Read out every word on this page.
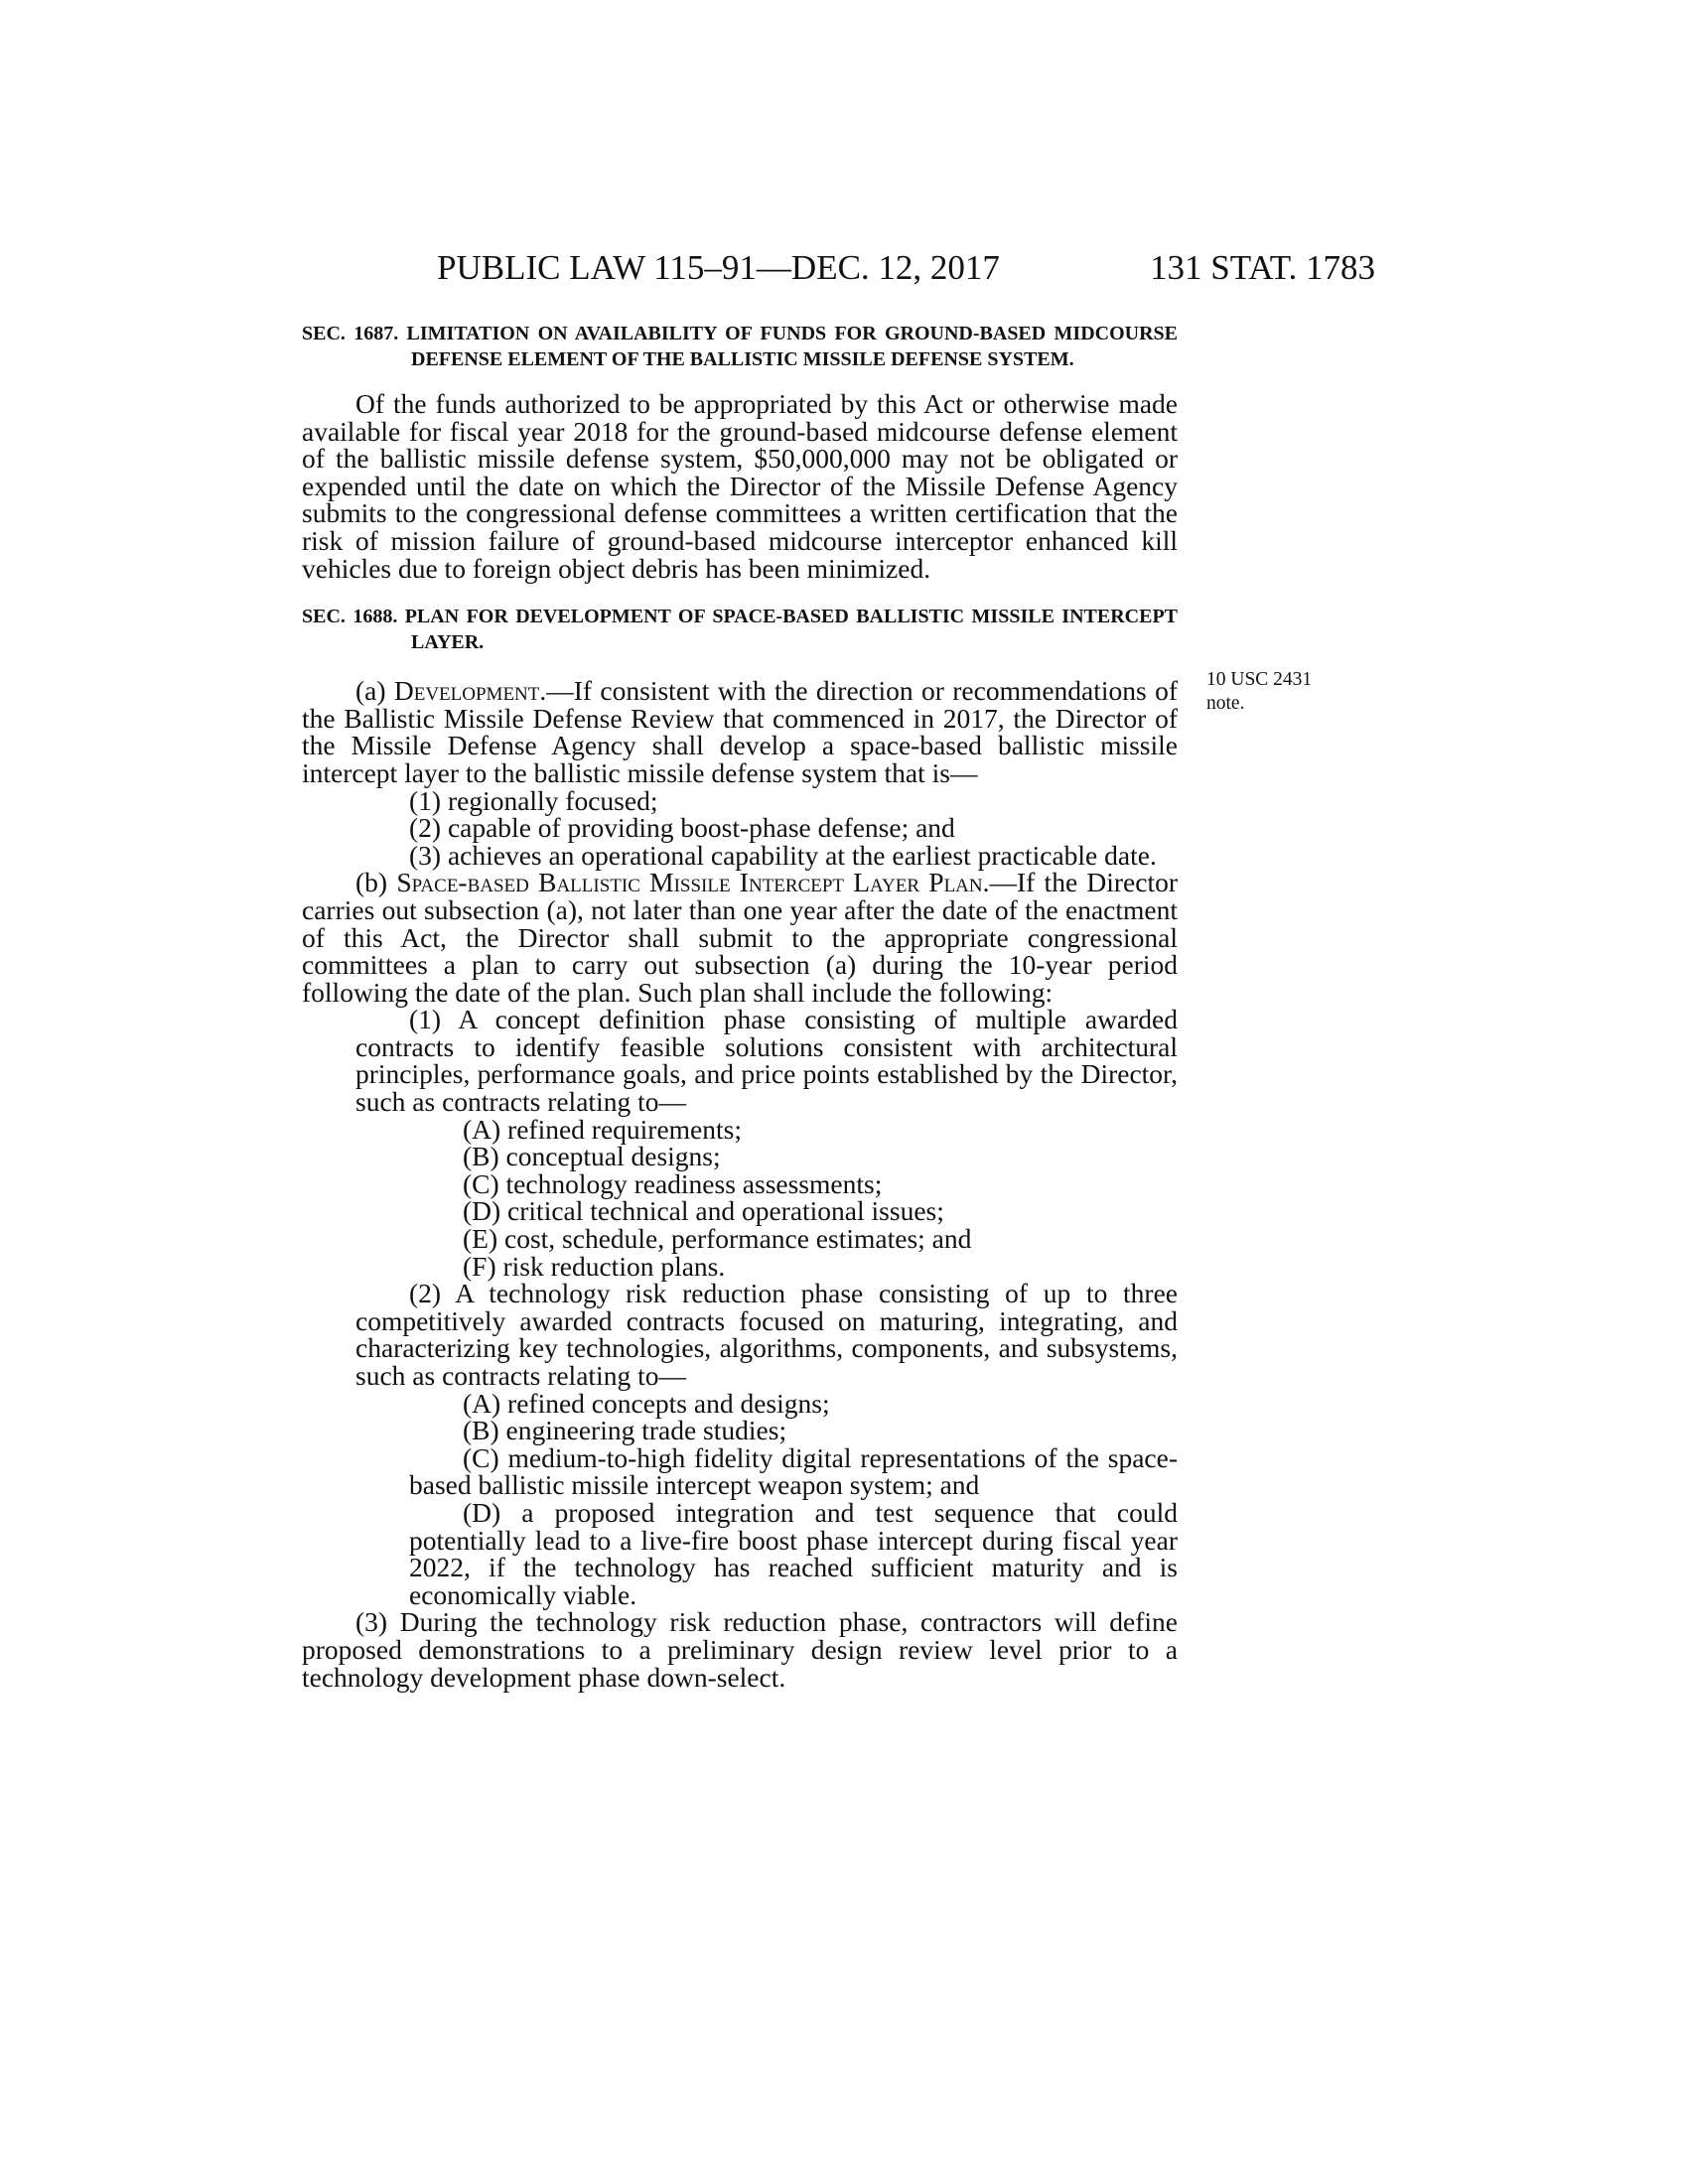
PUBLIC LAW 115–91—DEC. 12, 2017	131 STAT. 1783
10 USC 2431
note.
SEC. 1687. LIMITATION ON AVAILABILITY OF FUNDS FOR GROUND-BASED MIDCOURSE DEFENSE ELEMENT OF THE BALLISTIC MISSILE DEFENSE SYSTEM.

Of the funds authorized to be appropriated by this Act or otherwise made available for fiscal year 2018 for the ground-based midcourse defense element of the ballistic missile defense system, $50,000,000 may not be obligated or expended until the date on which the Director of the Missile Defense Agency submits to the congressional defense committees a written certification that the risk of mission failure of ground-based midcourse interceptor enhanced kill vehicles due to foreign object debris has been minimized.

SEC. 1688. PLAN FOR DEVELOPMENT OF SPACE-BASED BALLISTIC MISSILE INTERCEPT LAYER.

(a) Development.—If consistent with the direction or recommendations of the Ballistic Missile Defense Review that commenced in 2017, the Director of the Missile Defense Agency shall develop a space-based ballistic missile intercept layer to the ballistic missile defense system that is—

(1) regionally focused;

(2) capable of providing boost-phase defense; and

(3) achieves an operational capability at the earliest practicable date.

(b) Space-based Ballistic Missile Intercept Layer Plan.—If the Director carries out subsection (a), not later than one year after the date of the enactment of this Act, the Director shall submit to the appropriate congressional committees a plan to carry out subsection (a) during the 10-year period following the date of the plan. Such plan shall include the following:

(1) A concept definition phase consisting of multiple awarded contracts to identify feasible solutions consistent with architectural principles, performance goals, and price points established by the Director, such as contracts relating to—

(A) refined requirements;

(B) conceptual designs;

(C) technology readiness assessments;

(D) critical technical and operational issues;

(E) cost, schedule, performance estimates; and

(F) risk reduction plans.

(2) A technology risk reduction phase consisting of up to three competitively awarded contracts focused on maturing, integrating, and characterizing key technologies, algorithms, components, and subsystems, such as contracts relating to—

(A) refined concepts and designs;

(B) engineering trade studies;

(C) medium-to-high fidelity digital representations of the space-based ballistic missile intercept weapon system; and

(D) a proposed integration and test sequence that could potentially lead to a live-fire boost phase intercept during fiscal year 2022, if the technology has reached sufficient maturity and is economically viable.

(3) During the technology risk reduction phase, contractors will define proposed demonstrations to a preliminary design review level prior to a technology development phase down-select.
